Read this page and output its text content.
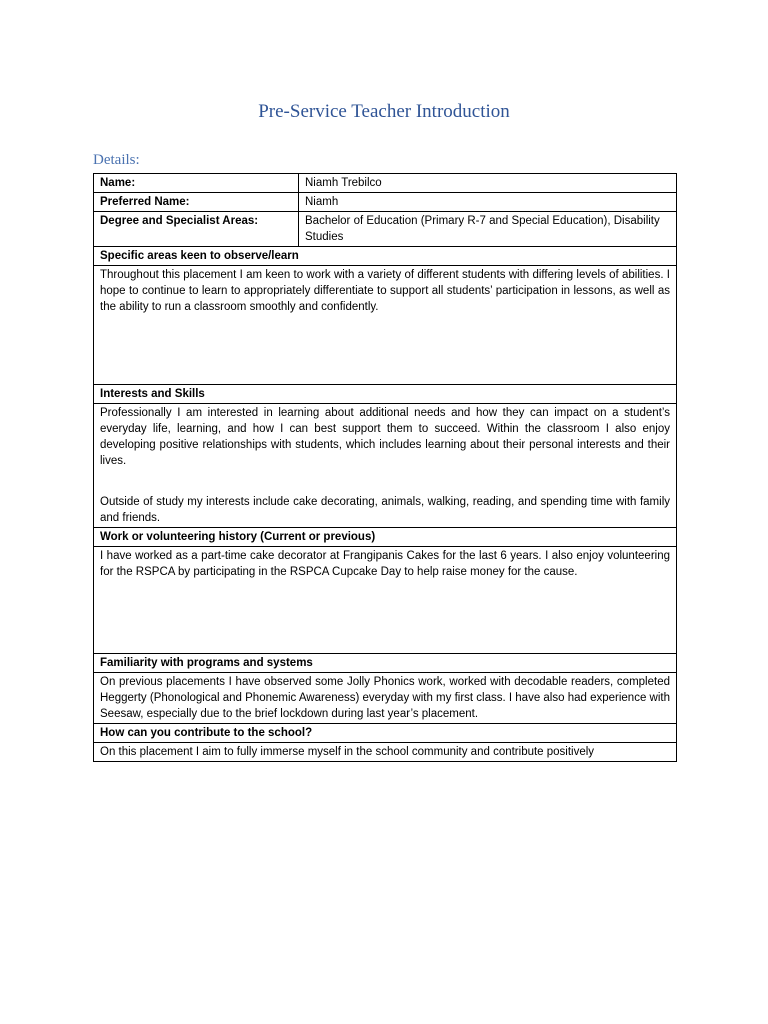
Pre-Service Teacher Introduction
Details:
Name:	Niamh Trebilco
Preferred Name:	Niamh
Degree and Specialist Areas:	Bachelor of Education (Primary R-7 and Special Education), Disability Studies
Specific areas keen to observe/learn	

Throughout this placement I am keen to work with a variety of different students with differing levels of abilities. I hope to continue to learn to appropriately differentiate to support all students’ participation in lessons, as well as the ability to run a classroom smoothly and confidently.	

Interests and Skills	

Professionally I am interested in learning about additional needs and how they can impact on a student’s everyday life, learning, and how I can best support them to succeed. Within the classroom I also enjoy developing positive relationships with students, which includes learning about their personal interests and their lives.

Outside of study my interests include cake decorating, animals, walking, reading, and spending time with family and friends.	

Work or volunteering history (Current or previous)	

I have worked as a part-time cake decorator at Frangipanis Cakes for the last 6 years. I also enjoy volunteering for the RSPCA by participating in the RSPCA Cupcake Day to help raise money for the cause.	

Familiarity with programs and systems	

On previous placements I have observed some Jolly Phonics work, worked with decodable readers, completed Heggerty (Phonological and Phonemic Awareness) everyday with my first class. I have also had experience with Seesaw, especially due to the brief lockdown during last year’s placement.	

How can you contribute to the school?	

On this placement I aim to fully immerse myself in the school community and contribute positively	
